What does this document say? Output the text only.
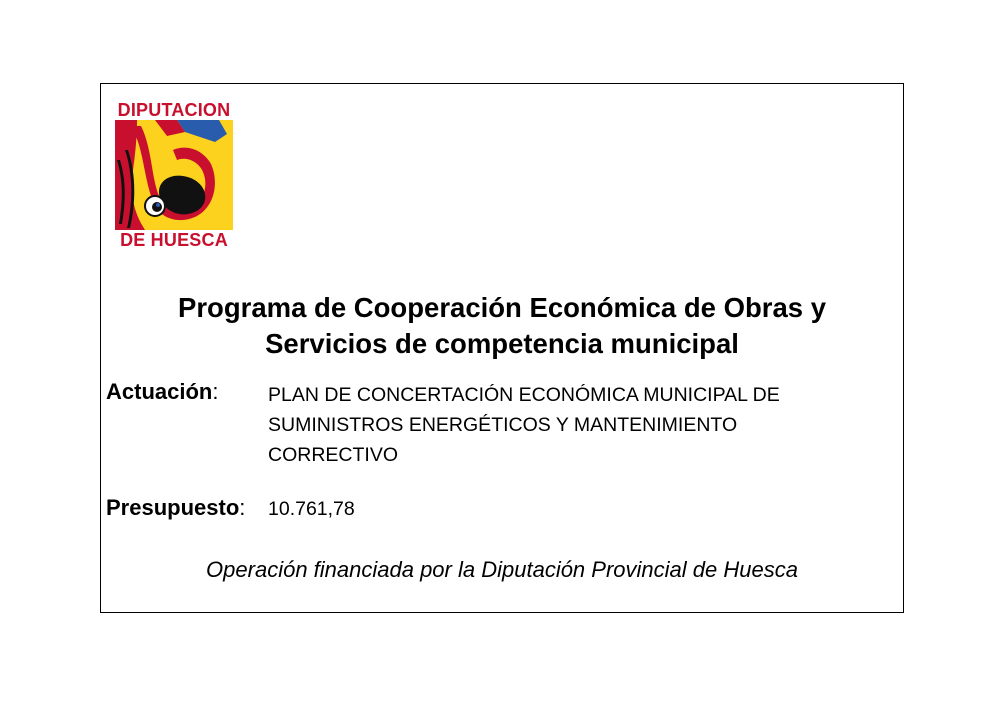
DIPUTACION
DE HUESCA
Programa de Cooperación Económica de Obras y
Servicios de competencia municipal
Actuación:	PLAN DE CONCERTACIÓN ECONÓMICA MUNICIPAL DE
SUMINISTROS ENERGÉTICOS Y MANTENIMIENTO
CORRECTIVO
Presupuesto: 10.761,78
Operación financiada por la Diputación Provincial de Huesca
